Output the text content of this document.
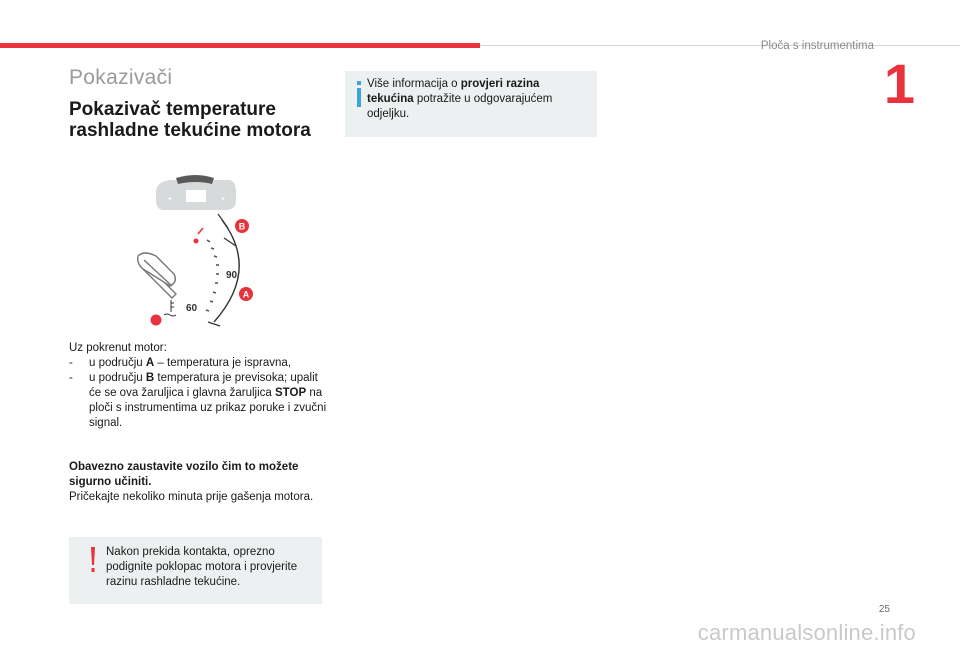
Ploča s instrumentima
1
Pokazivači
Pokazivač temperature
rashladne tekućine motora
◂	▸
90
60
B
A
Uz pokrenut motor:
- u području A – temperatura je ispravna,
- u području B temperatura je previsoka; upalit će se ova žaruljica i glavna žaruljica STOP na ploči s instrumentima uz prikaz poruke i zvučni signal.
Obavezno zaustavite vozilo čim to možete sigurno učiniti.
Pričekajte nekoliko minuta prije gašenja motora.
Nakon prekida kontakta, oprezno podignite poklopac motora i provjerite razinu rashladne tekućine.
Više informacija o provjeri razina tekućina potražite u odgovarajućem odjeljku.
25
carmanualsonline.info
